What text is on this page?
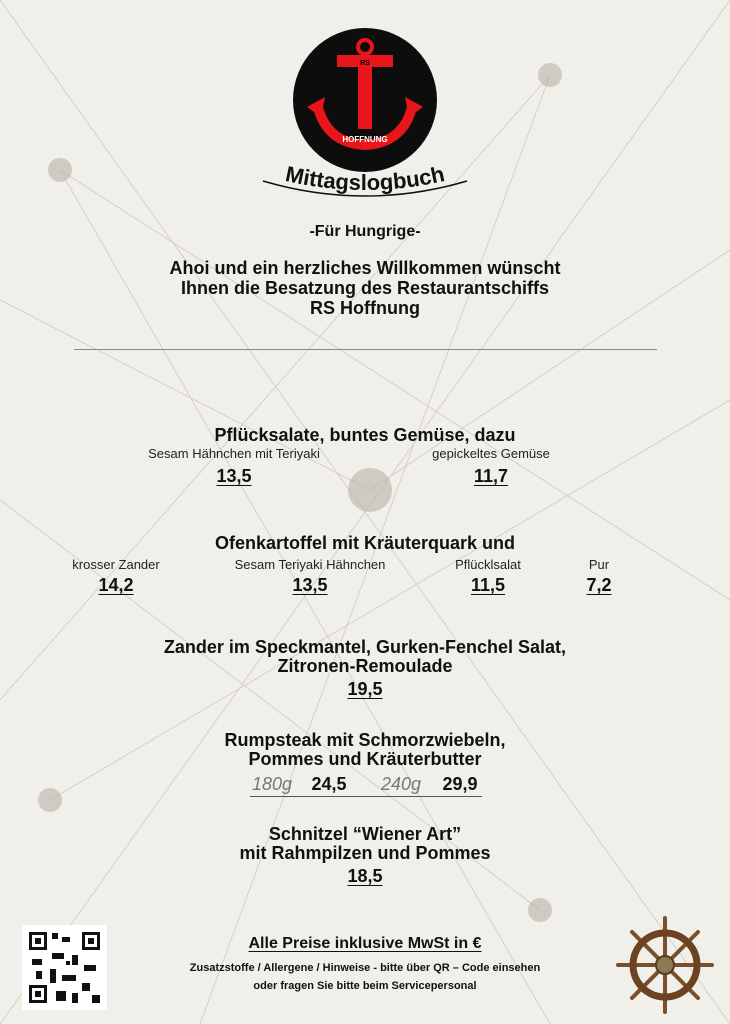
RS
HOFFNUNG
Mittagslogbuch
-Für Hungrige-
Ahoi und ein herzliches Willkommen wünscht
Ihnen die Besatzung des Restaurantschiffs
RS Hoffnung
Pflücksalate, buntes Gemüse, dazu
Sesam Hähnchen mit Teriyaki
13,5
gepickeltes Gemüse
11,7
Ofenkartoffel mit Kräuterquark und
krosser Zander
14,2
Sesam Teriyaki Hähnchen
13,5
Pflücklsalat
11,5
Pur
7,2
Zander im Speckmantel, Gurken-Fenchel Salat,
Zitronen-Remoulade
19,5
Rumpsteak mit Schmorzwiebeln,
Pommes und Kräuterbutter
180g 24,5 240g 29,9
Schnitzel “Wiener Art”
mit Rahmpilzen und Pommes
18,5
Alle Preise inklusive MwSt in €
Zusatzstoffe / Allergene / Hinweise - bitte über QR – Code einsehen
oder fragen Sie bitte beim Servicepersonal
